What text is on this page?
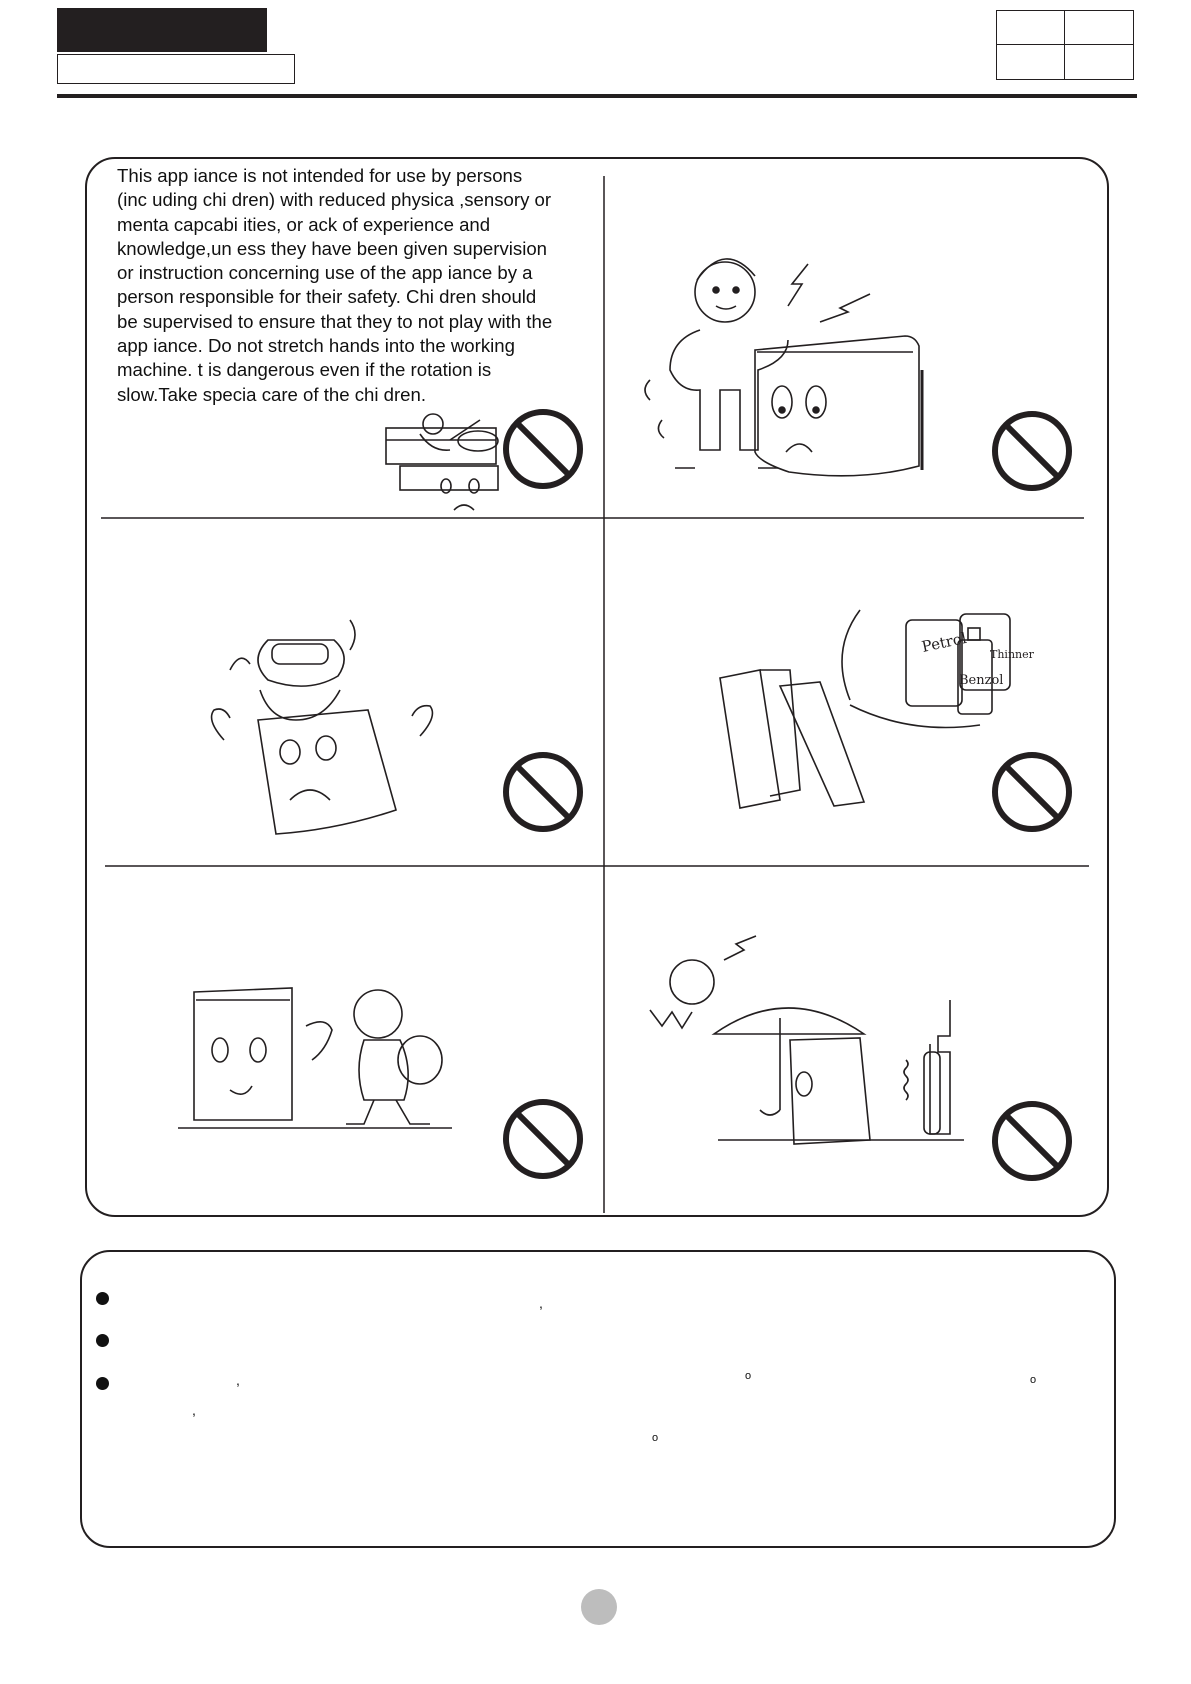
Petrol Thinner
Benzol
This app iance is not intended for use by persons
(inc uding chi dren) with reduced physica ,sensory or
menta capcabi ities, or ack of experience and
knowledge,un ess they have been given supervision
or instruction concerning use of the app iance by a
person responsible for their safety. Chi dren should
be supervised to ensure that they to not play with the
app iance. Do not stretch hands into the working
machine. t is dangerous even if the rotation is
slow.Take specia care of the chi dren.
,
,	o	o
,
o
